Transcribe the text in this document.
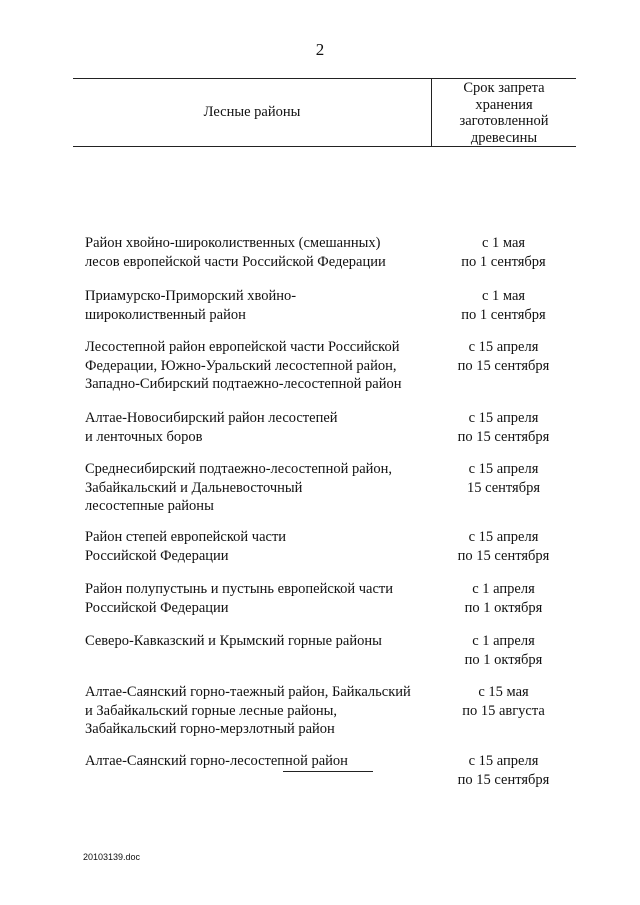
2
Лесные районы
Срок запрета
хранения
заготовленной
древесины
Район хвойно-широколиственных (смешанных)
лесов европейской части Российской Федерации
с 1 мая
по 1 сентября
Приамурско-Приморский хвойно-
широколиственный район
с 1 мая
по 1 сентября
Лесостепной район европейской части Российской
Федерации, Южно-Уральский лесостепной район,
Западно-Сибирский подтаежно-лесостепной район
с 15 апреля
по 15 сентября
Алтае-Новосибирский район лесостепей
и ленточных боров
с 15 апреля
по 15 сентября
Среднесибирский подтаежно-лесостепной район,
Забайкальский и Дальневосточный
лесостепные районы
с 15 апреля
15 сентября
Район степей европейской части
Российской Федерации
с 15 апреля
по 15 сентября
Район полупустынь и пустынь европейской части
Российской Федерации
с 1 апреля
по 1 октября
Северо-Кавказский и Крымский горные районы	с 1 апреля
по 1 октября
Алтае-Саянский горно-таежный район, Байкальский
и Забайкальский горные лесные районы,
Забайкальский горно-мерзлотный район
с 15 мая
по 15 августа
Алтае-Саянский горно-лесостепной район	с 15 апреля
по 15 сентября
20103139.doc
